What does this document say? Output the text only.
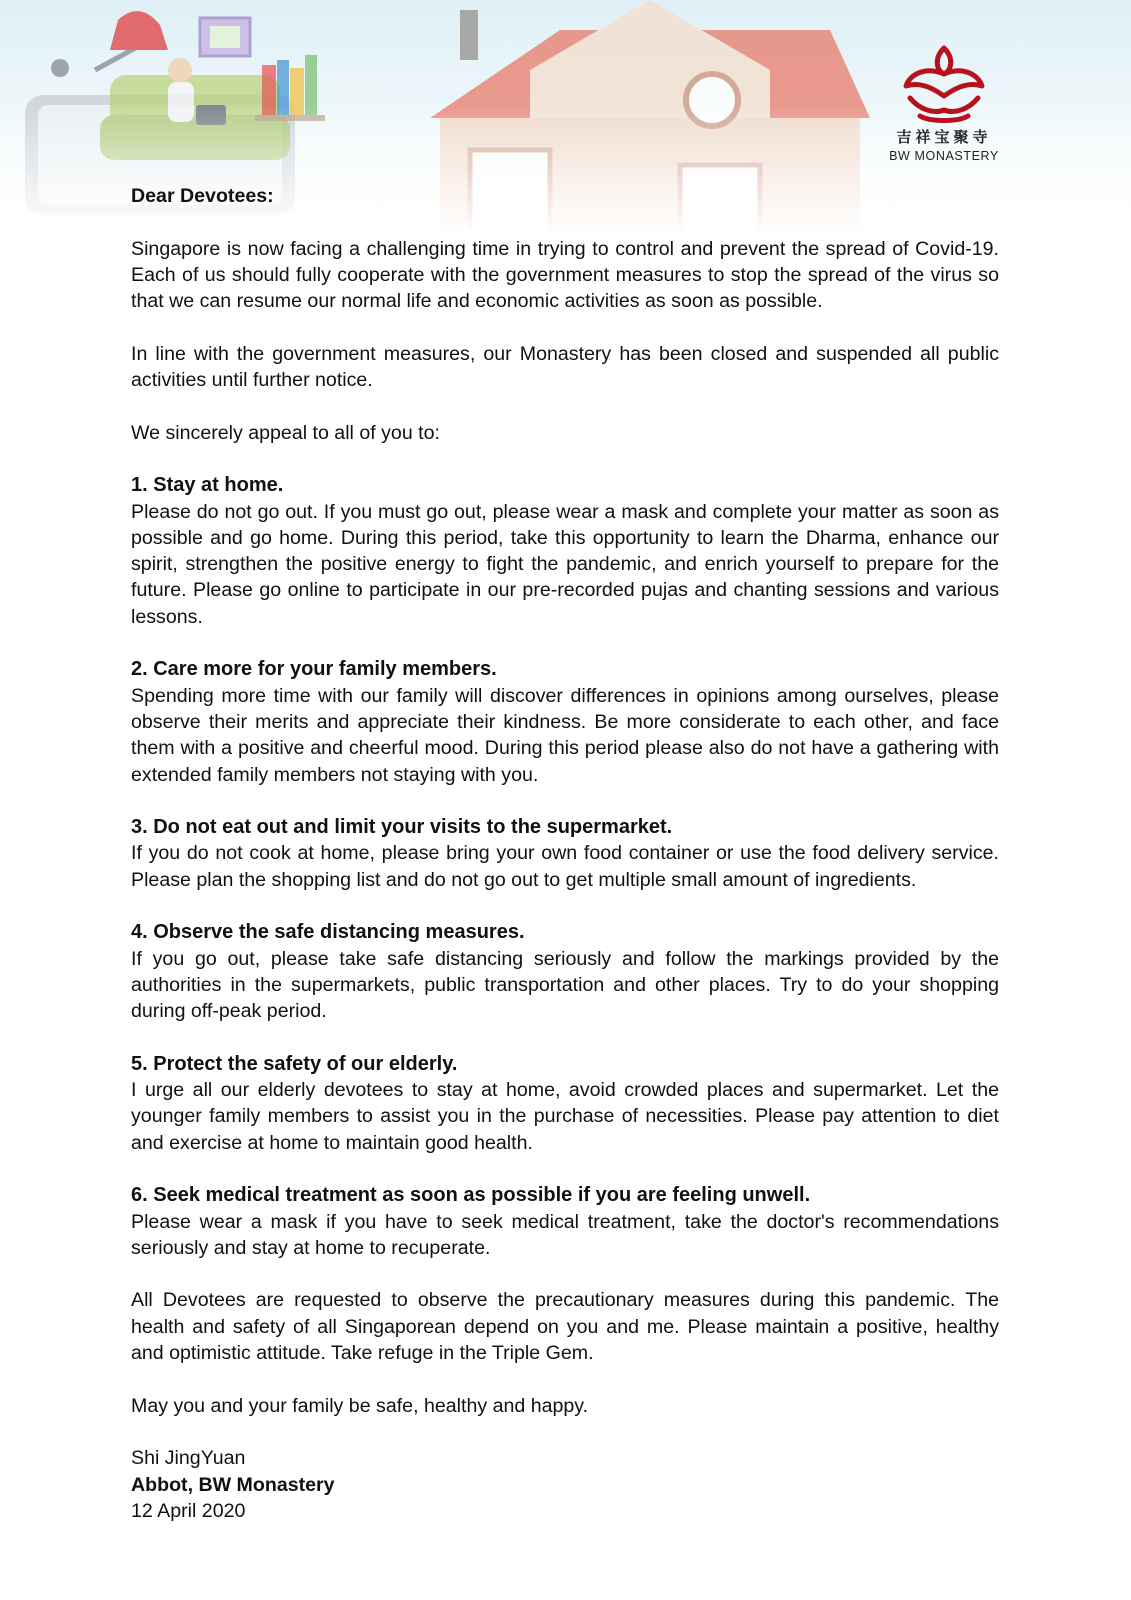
吉祥宝聚寺
BW MONASTERY
Dear Devotees:

Singapore is now facing a challenging time in trying to control and prevent the spread of Covid-19. Each of us should fully cooperate with the government measures to stop the spread of the virus so that we can resume our normal life and economic activities as soon as possible.

In line with the government measures, our Monastery has been closed and suspended all public activities until further notice.

We sincerely appeal to all of you to:

1. Stay at home.

Please do not go out. If you must go out, please wear a mask and complete your matter as soon as possible and go home. During this period, take this opportunity to learn the Dharma, enhance our spirit, strengthen the positive energy to fight the pandemic, and enrich yourself to prepare for the future. Please go online to participate in our pre-recorded pujas and chanting sessions and various lessons.

2. Care more for your family members.

Spending more time with our family will discover differences in opinions among ourselves, please observe their merits and appreciate their kindness. Be more considerate to each other, and face them with a positive and cheerful mood. During this period please also do not have a gathering with extended family members not staying with you.

3. Do not eat out and limit your visits to the supermarket.

If you do not cook at home, please bring your own food container or use the food delivery service. Please plan the shopping list and do not go out to get multiple small amount of ingredients.

4. Observe the safe distancing measures.

If you go out, please take safe distancing seriously and follow the markings provided by the authorities in the supermarkets, public transportation and other places. Try to do your shopping during off-peak period.

5. Protect the safety of our elderly.

I urge all our elderly devotees to stay at home, avoid crowded places and supermarket. Let the younger family members to assist you in the purchase of necessities. Please pay attention to diet and exercise at home to maintain good health.

6. Seek medical treatment as soon as possible if you are feeling unwell.

Please wear a mask if you have to seek medical treatment, take the doctor's recommendations seriously and stay at home to recuperate.

All Devotees are requested to observe the precautionary measures during this pandemic. The health and safety of all Singaporean depend on you and me. Please maintain a positive, healthy and optimistic attitude. Take refuge in the Triple Gem.

May you and your family be safe, healthy and happy.

Shi JingYuan
Abbot, BW Monastery
12 April 2020
